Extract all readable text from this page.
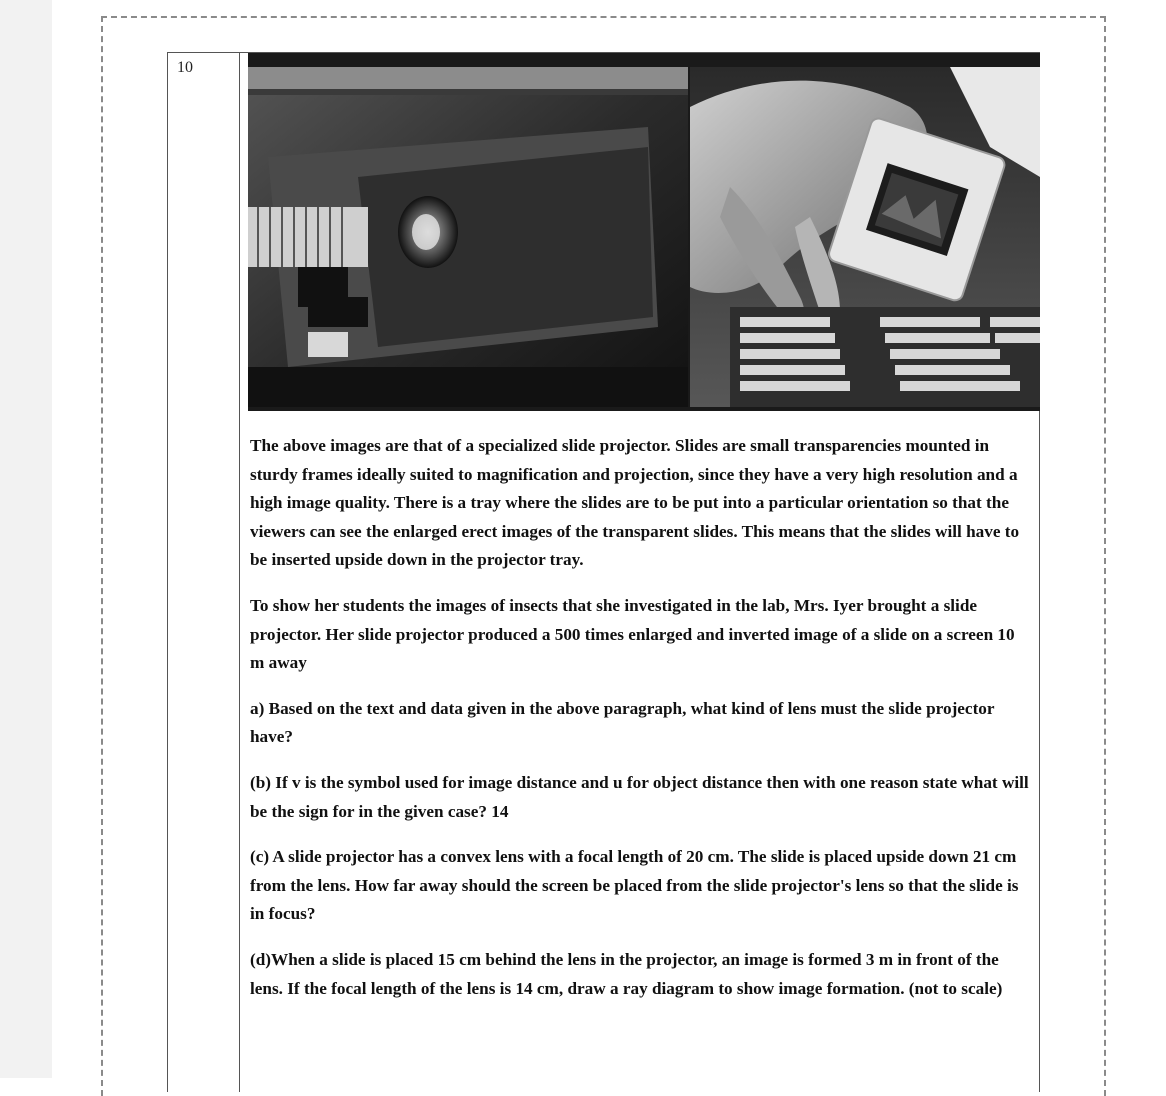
10

The above images are that of a specialized slide projector. Slides are small transparencies mounted in sturdy frames ideally suited to magnification and projection, since they have a very high resolution and a high image quality. There is a tray where the slides are to be put into a particular orientation so that the viewers can see the enlarged erect images of the transparent slides. This means that the slides will have to be inserted upside down in the projector tray.

To show her students the images of insects that she investigated in the lab, Mrs. Iyer brought a slide projector. Her slide projector produced a 500 times enlarged and inverted image of a slide on a screen 10 m away

a) Based on the text and data given in the above paragraph, what kind of lens must the slide projector have?

(b) If v is the symbol used for image distance and u for object distance then with one reason state what will be the sign for in the given case? 14

(c) A slide projector has a convex lens with a focal length of 20 cm. The slide is placed upside down 21 cm from the lens. How far away should the screen be placed from the slide projector's lens so that the slide is in focus?

(d)When a slide is placed 15 cm behind the lens in the projector, an image is formed 3 m in front of the lens. If the focal length of the lens is 14 cm, draw a ray diagram to show image formation. (not to scale)
